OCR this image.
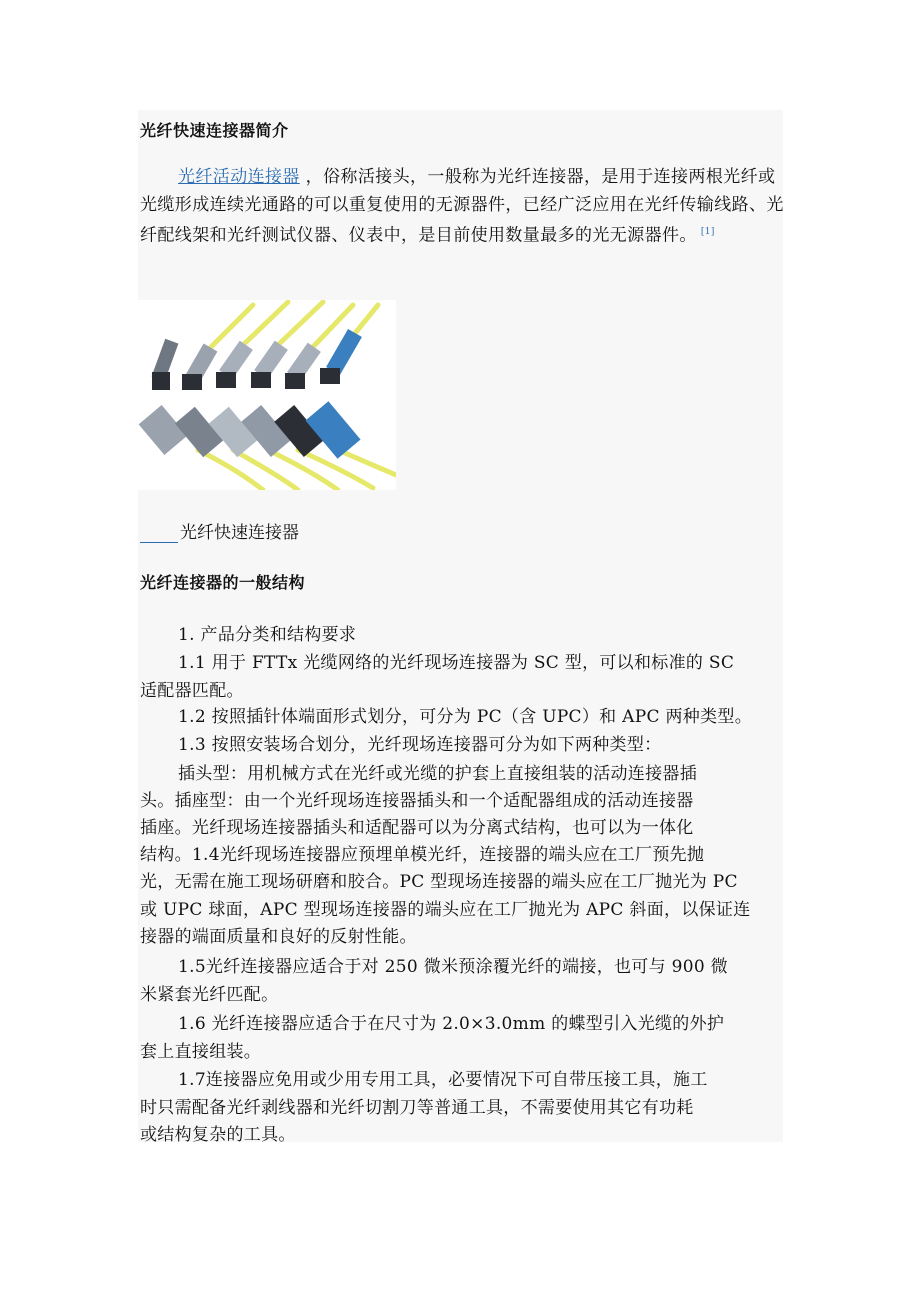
光纤快速连接器简介
光纤活动连接器 ，俗称活接头，一般称为光纤连接器，是用于连接两根光纤或光缆形成连续光通路的可以重复使用的无源器件，已经广泛应用在光纤传输线路、光纤配线架和光纤测试仪器、仪表中，是目前使用数量最多的光无源器件。 [1]
光纤快速连接器
光纤连接器的一般结构
1. 产品分类和结构要求
1.1 用于 FTTx 光缆网络的光纤现场连接器为 SC 型，可以和标准的 SC
适配器匹配。
1.2 按照插针体端面形式划分，可分为 PC（含 UPC）和 APC 两种类型。
1.3 按照安装场合划分，光纤现场连接器可分为如下两种类型：
插头型：用机械方式在光纤或光缆的护套上直接组装的活动连接器插
头。插座型：由一个光纤现场连接器插头和一个适配器组成的活动连接器
插座。光纤现场连接器插头和适配器可以为分离式结构，也可以为一体化
结构。1.4光纤现场连接器应预埋单模光纤，连接器的端头应在工厂预先抛
光，无需在施工现场研磨和胶合。PC 型现场连接器的端头应在工厂抛光为 PC
或 UPC 球面，APC 型现场连接器的端头应在工厂抛光为 APC 斜面，以保证连
接器的端面质量和良好的反射性能。
1.5光纤连接器应适合于对 250 微米预涂覆光纤的端接，也可与 900 微
米紧套光纤匹配。
1.6 光纤连接器应适合于在尺寸为 2.0×3.0mm 的蝶型引入光缆的外护
套上直接组装。
1.7连接器应免用或少用专用工具，必要情况下可自带压接工具，施工
时只需配备光纤剥线器和光纤切割刀等普通工具，不需要使用其它有功耗
或结构复杂的工具。
